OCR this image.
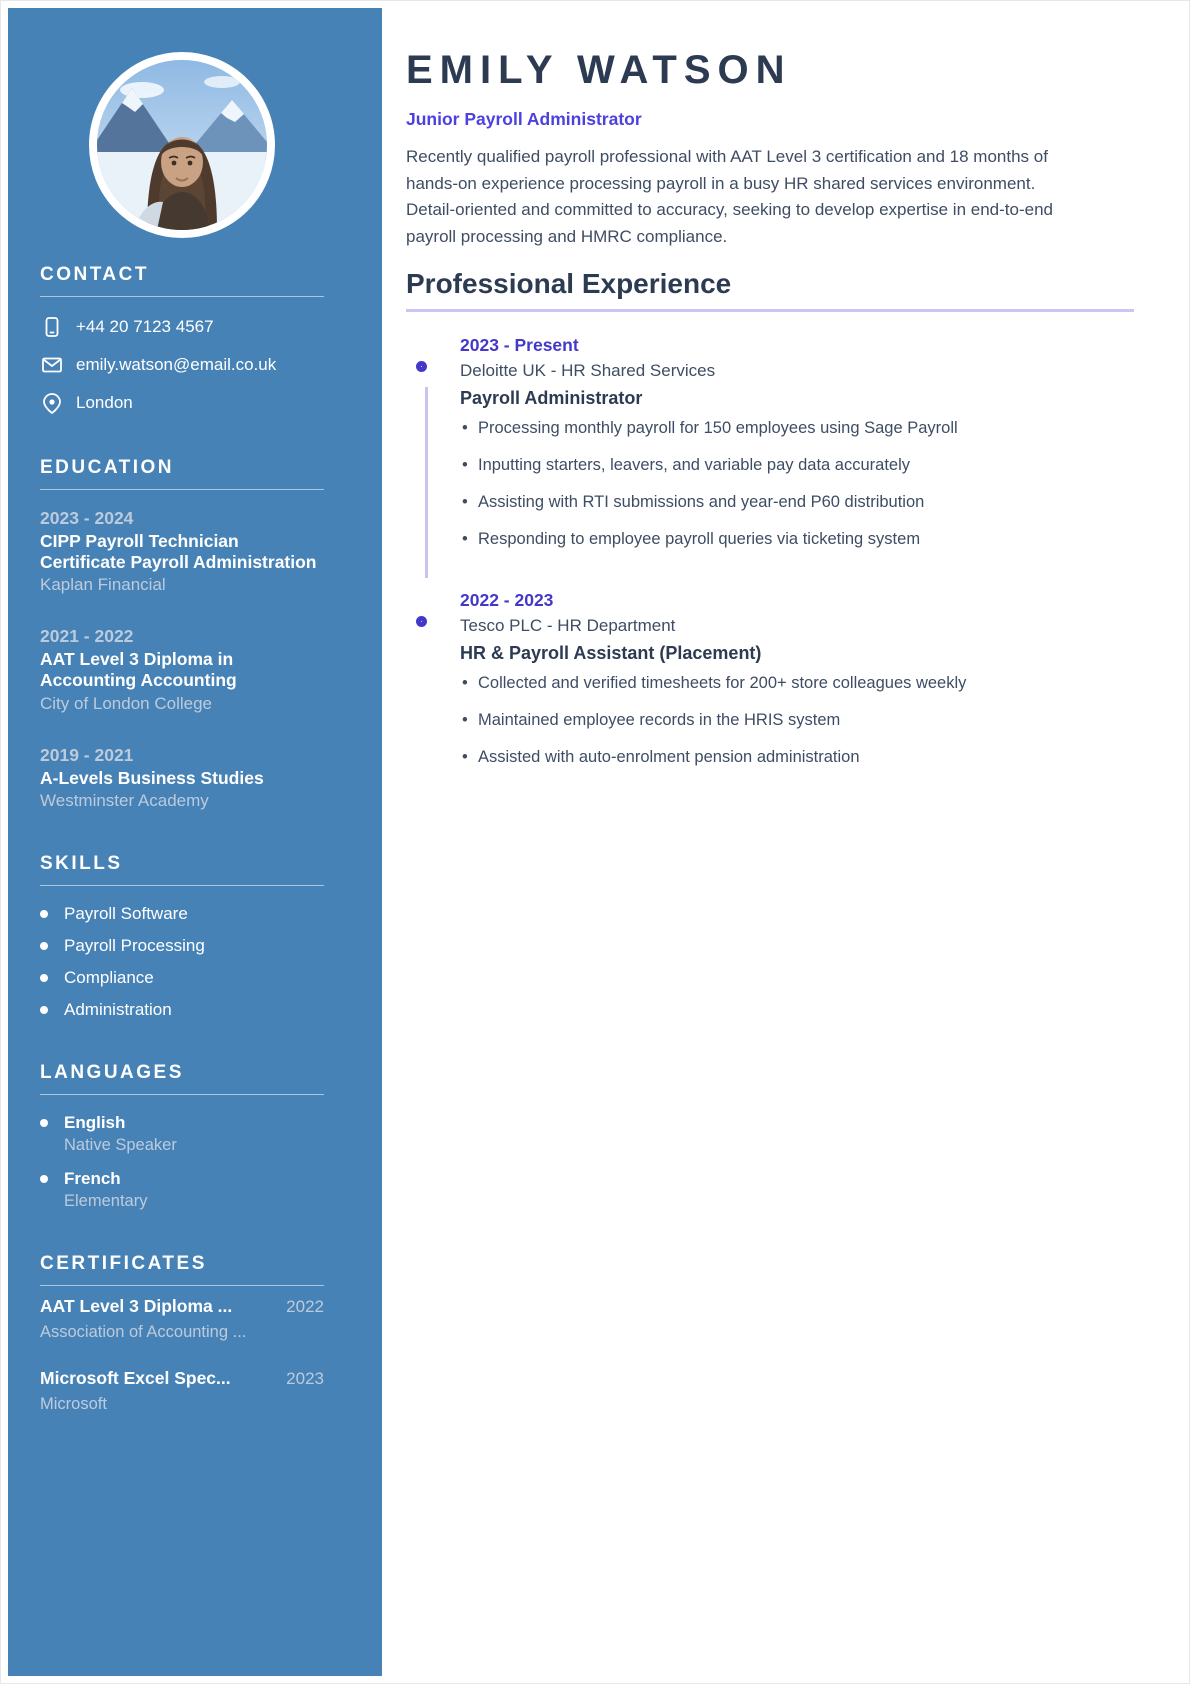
CONTACT
+44 20 7123 4567
emily.watson@email.co.uk
London
EDUCATION
2023 - 2024
CIPP Payroll Technician Certificate Payroll Administration
Kaplan Financial
2021 - 2022
AAT Level 3 Diploma in Accounting Accounting
City of London College
2019 - 2021
A-Levels Business Studies
Westminster Academy
SKILLS
Payroll Software
Payroll Processing
Compliance
Administration
LANGUAGES
English
Native Speaker
French
Elementary
CERTIFICATES
AAT Level 3 Diploma ...	2022
Association of Accounting ...
Microsoft Excel Spec...	2023
Microsoft
EMILY WATSON
Junior Payroll Administrator

Recently qualified payroll professional with AAT Level 3 certification and 18 months of hands-on experience processing payroll in a busy HR shared services environment. Detail-oriented and committed to accuracy, seeking to develop expertise in end-to-end payroll processing and HMRC compliance.

Professional Experience
2023 - Present
Deloitte UK - HR Shared Services
Payroll Administrator
• Processing monthly payroll for 150 employees using Sage Payroll
• Inputting starters, leavers, and variable pay data accurately
• Assisting with RTI submissions and year-end P60 distribution
• Responding to employee payroll queries via ticketing system
2022 - 2023
Tesco PLC - HR Department
HR & Payroll Assistant (Placement)
• Collected and verified timesheets for 200+ store colleagues weekly
• Maintained employee records in the HRIS system
• Assisted with auto-enrolment pension administration
